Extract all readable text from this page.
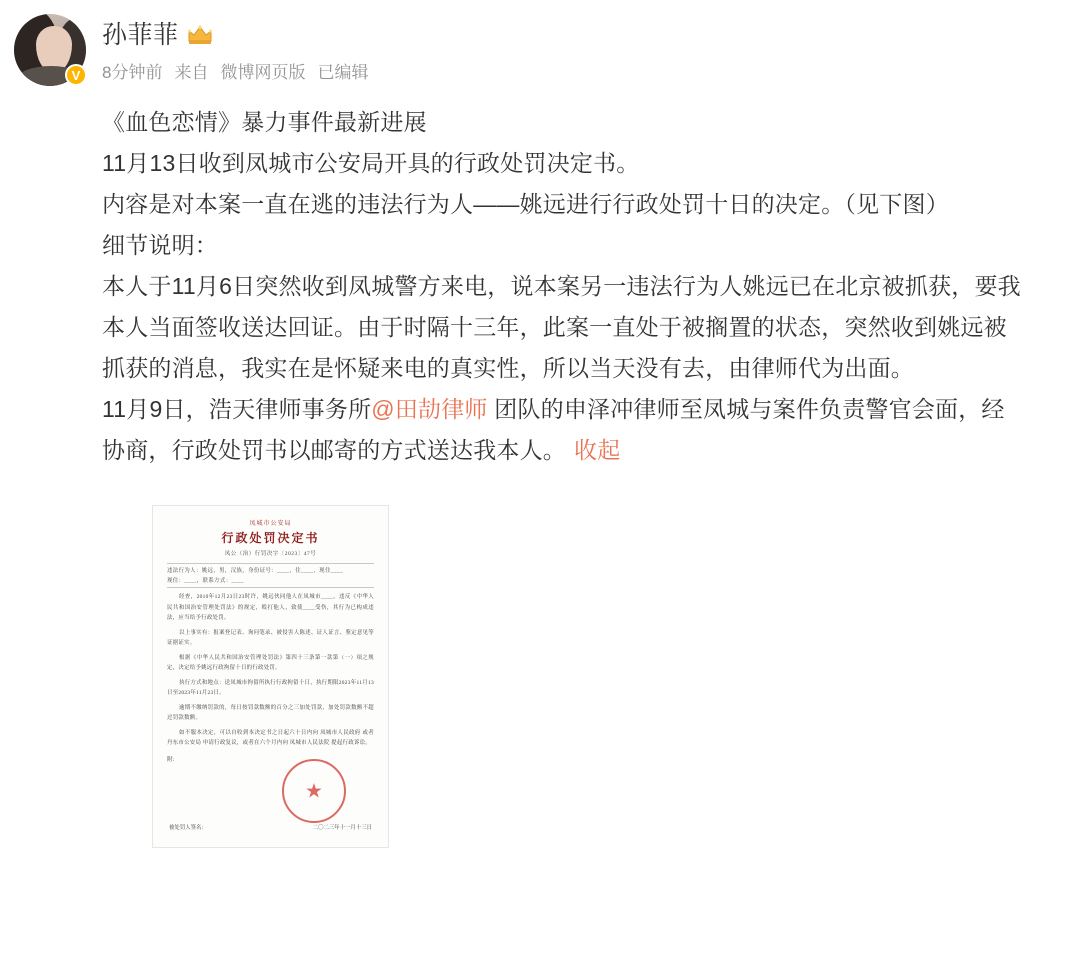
V
孙菲菲
8分钟前 来自 微博网页版 已编辑

《血色恋情》暴力事件最新进展

11月13日收到凤城市公安局开具的行政处罚决定书。

内容是对本案一直在逃的违法行为人——姚远进行行政处罚十日的决定。（见下图）

细节说明：

本人于11月6日突然收到凤城警方来电，说本案另一违法行为人姚远已在北京被抓获，要我本人当面签收送达回证。由于时隔十三年，此案一直处于被搁置的状态，突然收到姚远被抓获的消息，我实在是怀疑来电的真实性，所以当天没有去，由律师代为出面。

11月9日，浩天律师事务所@田劼律师 团队的申泽冲律师至凤城与案件负责警官会面，经协商，行政处罚书以邮寄的方式送达我本人。 收起

凤城市公安局
行政处罚决定书
凤公（治）行罚决字〔2023〕47号
违法行为人：姚远，男，汉族，身份证号：____，住____，现住____
现住：____，联系方式：____
经查，2010年12月23日23时许，姚远伙同他人在凤城市____，违反《中华人民共和国治安管理处罚法》的规定，殴打他人，致使____受伤，其行为已构成违法，应当给予行政处罚。
以上事实有：报案登记表、询问笔录、被侵害人陈述、证人证言、鉴定意见等证据证实。
根据《中华人民共和国治安管理处罚法》第四十三条第一款第（一）项之规定，决定给予姚远行政拘留十日的行政处罚。
执行方式和地点：送凤城市拘留所执行行政拘留十日，执行期限2023年11月13日至2023年11月23日。
逾期不缴纳罚款的，每日按罚款数额的百分之三加处罚款，加处罚款数额不超过罚款数额。
如不服本决定，可以自收到本决定书之日起六十日内向 凤城市人民政府 或者 丹东市公安局 申请行政复议，或者在六个月内向 凤城市人民法院 提起行政诉讼。
附：
★
被处罚人签名：	二〇二三年十一月十三日
